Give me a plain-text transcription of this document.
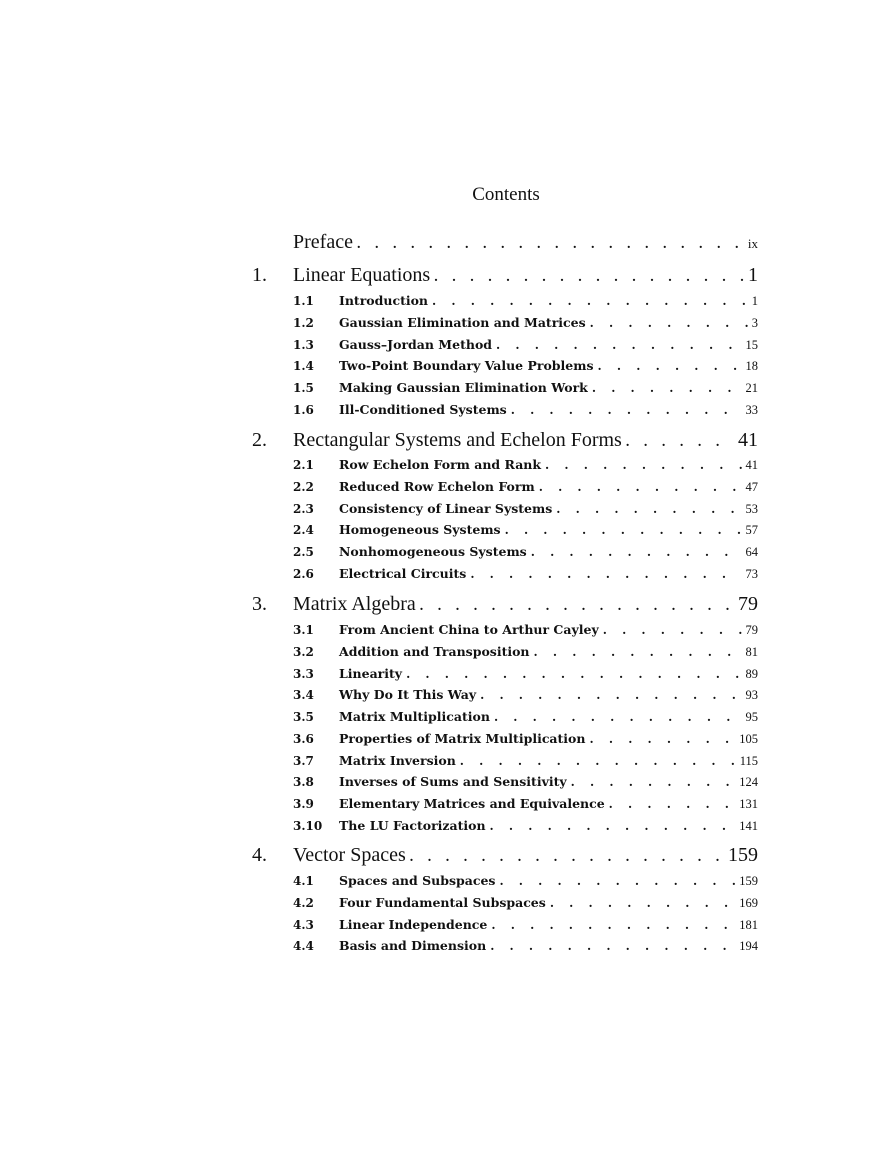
Contents
Preface . . .	ix
1.	Linear Equations . . .	1
1.1	Introduction . . .	1
1.2	Gaussian Elimination and Matrices . . .	3
1.3	Gauss–Jordan Method . . .	15
1.4	Two-Point Boundary Value Problems . . .	18
1.5	Making Gaussian Elimination Work . . .	21
1.6	Ill-Conditioned Systems . . .	33
2.	Rectangular Systems and Echelon Forms . . .	41
2.1	Row Echelon Form and Rank . . .	41
2.2	Reduced Row Echelon Form . . .	47
2.3	Consistency of Linear Systems . . .	53
2.4	Homogeneous Systems . . .	57
2.5	Nonhomogeneous Systems . . .	64
2.6	Electrical Circuits . . .	73
3.	Matrix Algebra . . .	79
3.1	From Ancient China to Arthur Cayley . . .	79
3.2	Addition and Transposition . . .	81
3.3	Linearity . . .	89
3.4	Why Do It This Way . . .	93
3.5	Matrix Multiplication . . .	95
3.6	Properties of Matrix Multiplication . . .	105
3.7	Matrix Inversion . . .	115
3.8	Inverses of Sums and Sensitivity . . .	124
3.9	Elementary Matrices and Equivalence . . .	131
3.10	The LU Factorization . . .	141
4.	Vector Spaces . . .	159
4.1	Spaces and Subspaces . . .	159
4.2	Four Fundamental Subspaces . . .	169
4.3	Linear Independence . . .	181
4.4	Basis and Dimension . . .	194
